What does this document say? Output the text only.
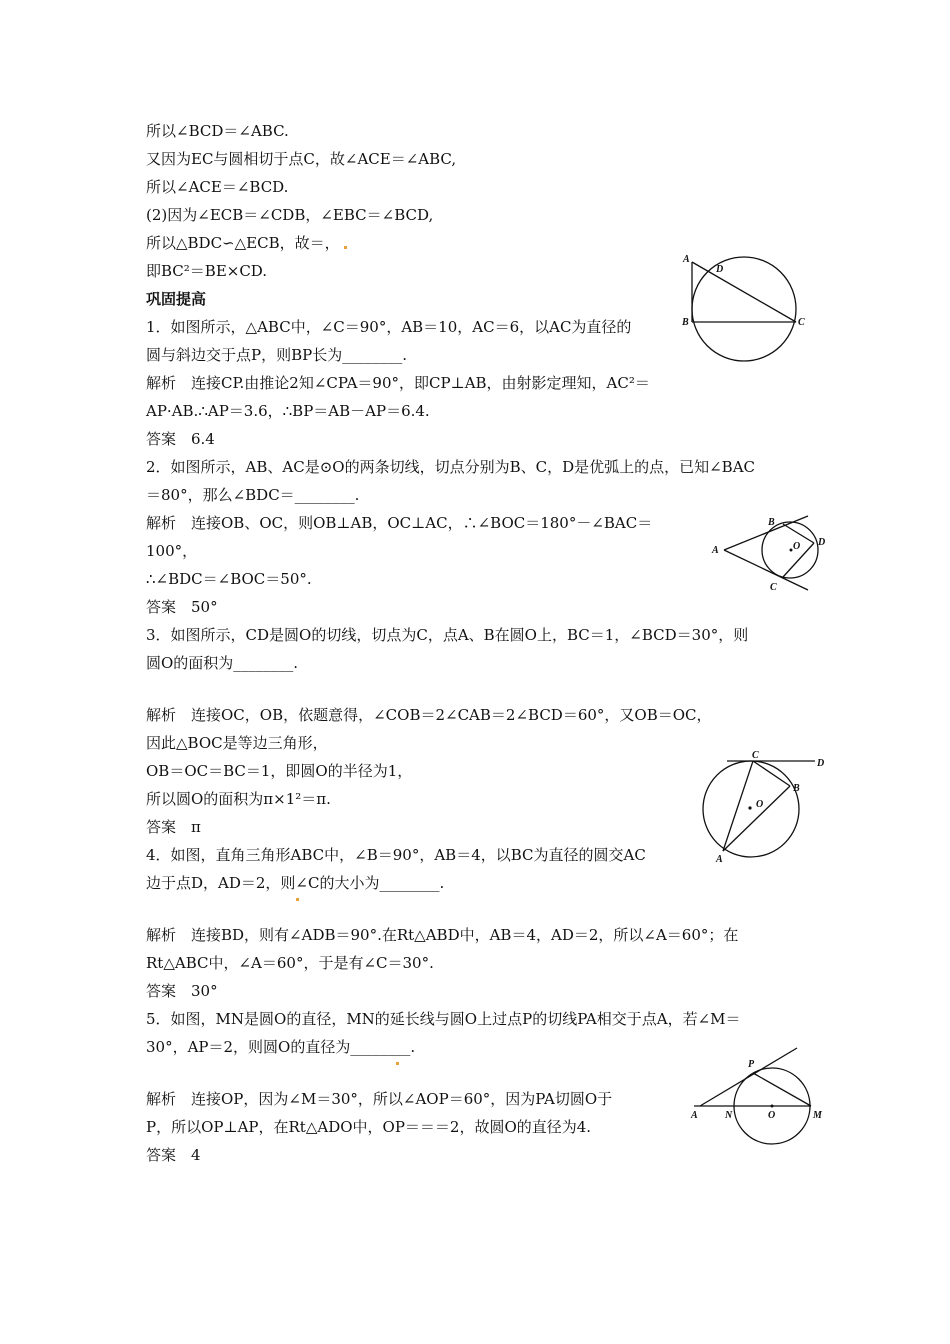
所以∠BCD＝∠ABC.
又因为EC与圆相切于点C，故∠ACE＝∠ABC,
所以∠ACE＝∠BCD.
(2)因为∠ECB＝∠CDB，∠EBC＝∠BCD,
所以△BDC∽△ECB，故＝，
即BC²＝BE×CD.
巩固提高
1．如图所示，△ABC中，∠C＝90°，AB＝10，AC＝6，以AC为直径的
圆与斜边交于点P，则BP长为________.
解析　连接CP.由推论2知∠CPA＝90°，即CP⊥AB，由射影定理知，AC²＝
AP·AB.∴AP＝3.6，∴BP＝AB－AP＝6.4.
答案　6.4
2．如图所示，AB、AC是⊙O的两条切线，切点分别为B、C，D是优弧上的点，已知∠BAC
＝80°，那么∠BDC＝________.
解析　连接OB、OC，则OB⊥AB，OC⊥AC，∴∠BOC＝180°－∠BAC＝
100°，
∴∠BDC＝∠BOC＝50°.
答案　50°
3．如图所示，CD是圆O的切线，切点为C，点A、B在圆O上，BC＝1，∠BCD＝30°，则
圆O的面积为________.
解析　连接OC，OB，依题意得，∠COB＝2∠CAB＝2∠BCD＝60°，又OB＝OC，
因此△BOC是等边三角形，
OB＝OC＝BC＝1，即圆O的半径为1，
所以圆O的面积为π×1²＝π.
答案　π
4．如图，直角三角形ABC中，∠B＝90°，AB＝4，以BC为直径的圆交AC
边于点D，AD＝2，则∠C的大小为________.
解析　连接BD，则有∠ADB＝90°.在Rt△ABD中，AB＝4，AD＝2，所以∠A＝60°；在
Rt△ABC中，∠A＝60°，于是有∠C＝30°.
答案　30°
5．如图，MN是圆O的直径，MN的延长线与圆O上过点P的切线PA相交于点A，若∠M＝
30°，AP＝2，则圆O的直径为________.
解析　连接OP，因为∠M＝30°，所以∠AOP＝60°，因为PA切圆O于
P，所以OP⊥AP，在Rt△ADO中，OP＝＝＝2，故圆O的直径为4.
答案　4
A
D
B	C
A
B
C
D
O
C
D
B
O
A
P
A	N	O	M
